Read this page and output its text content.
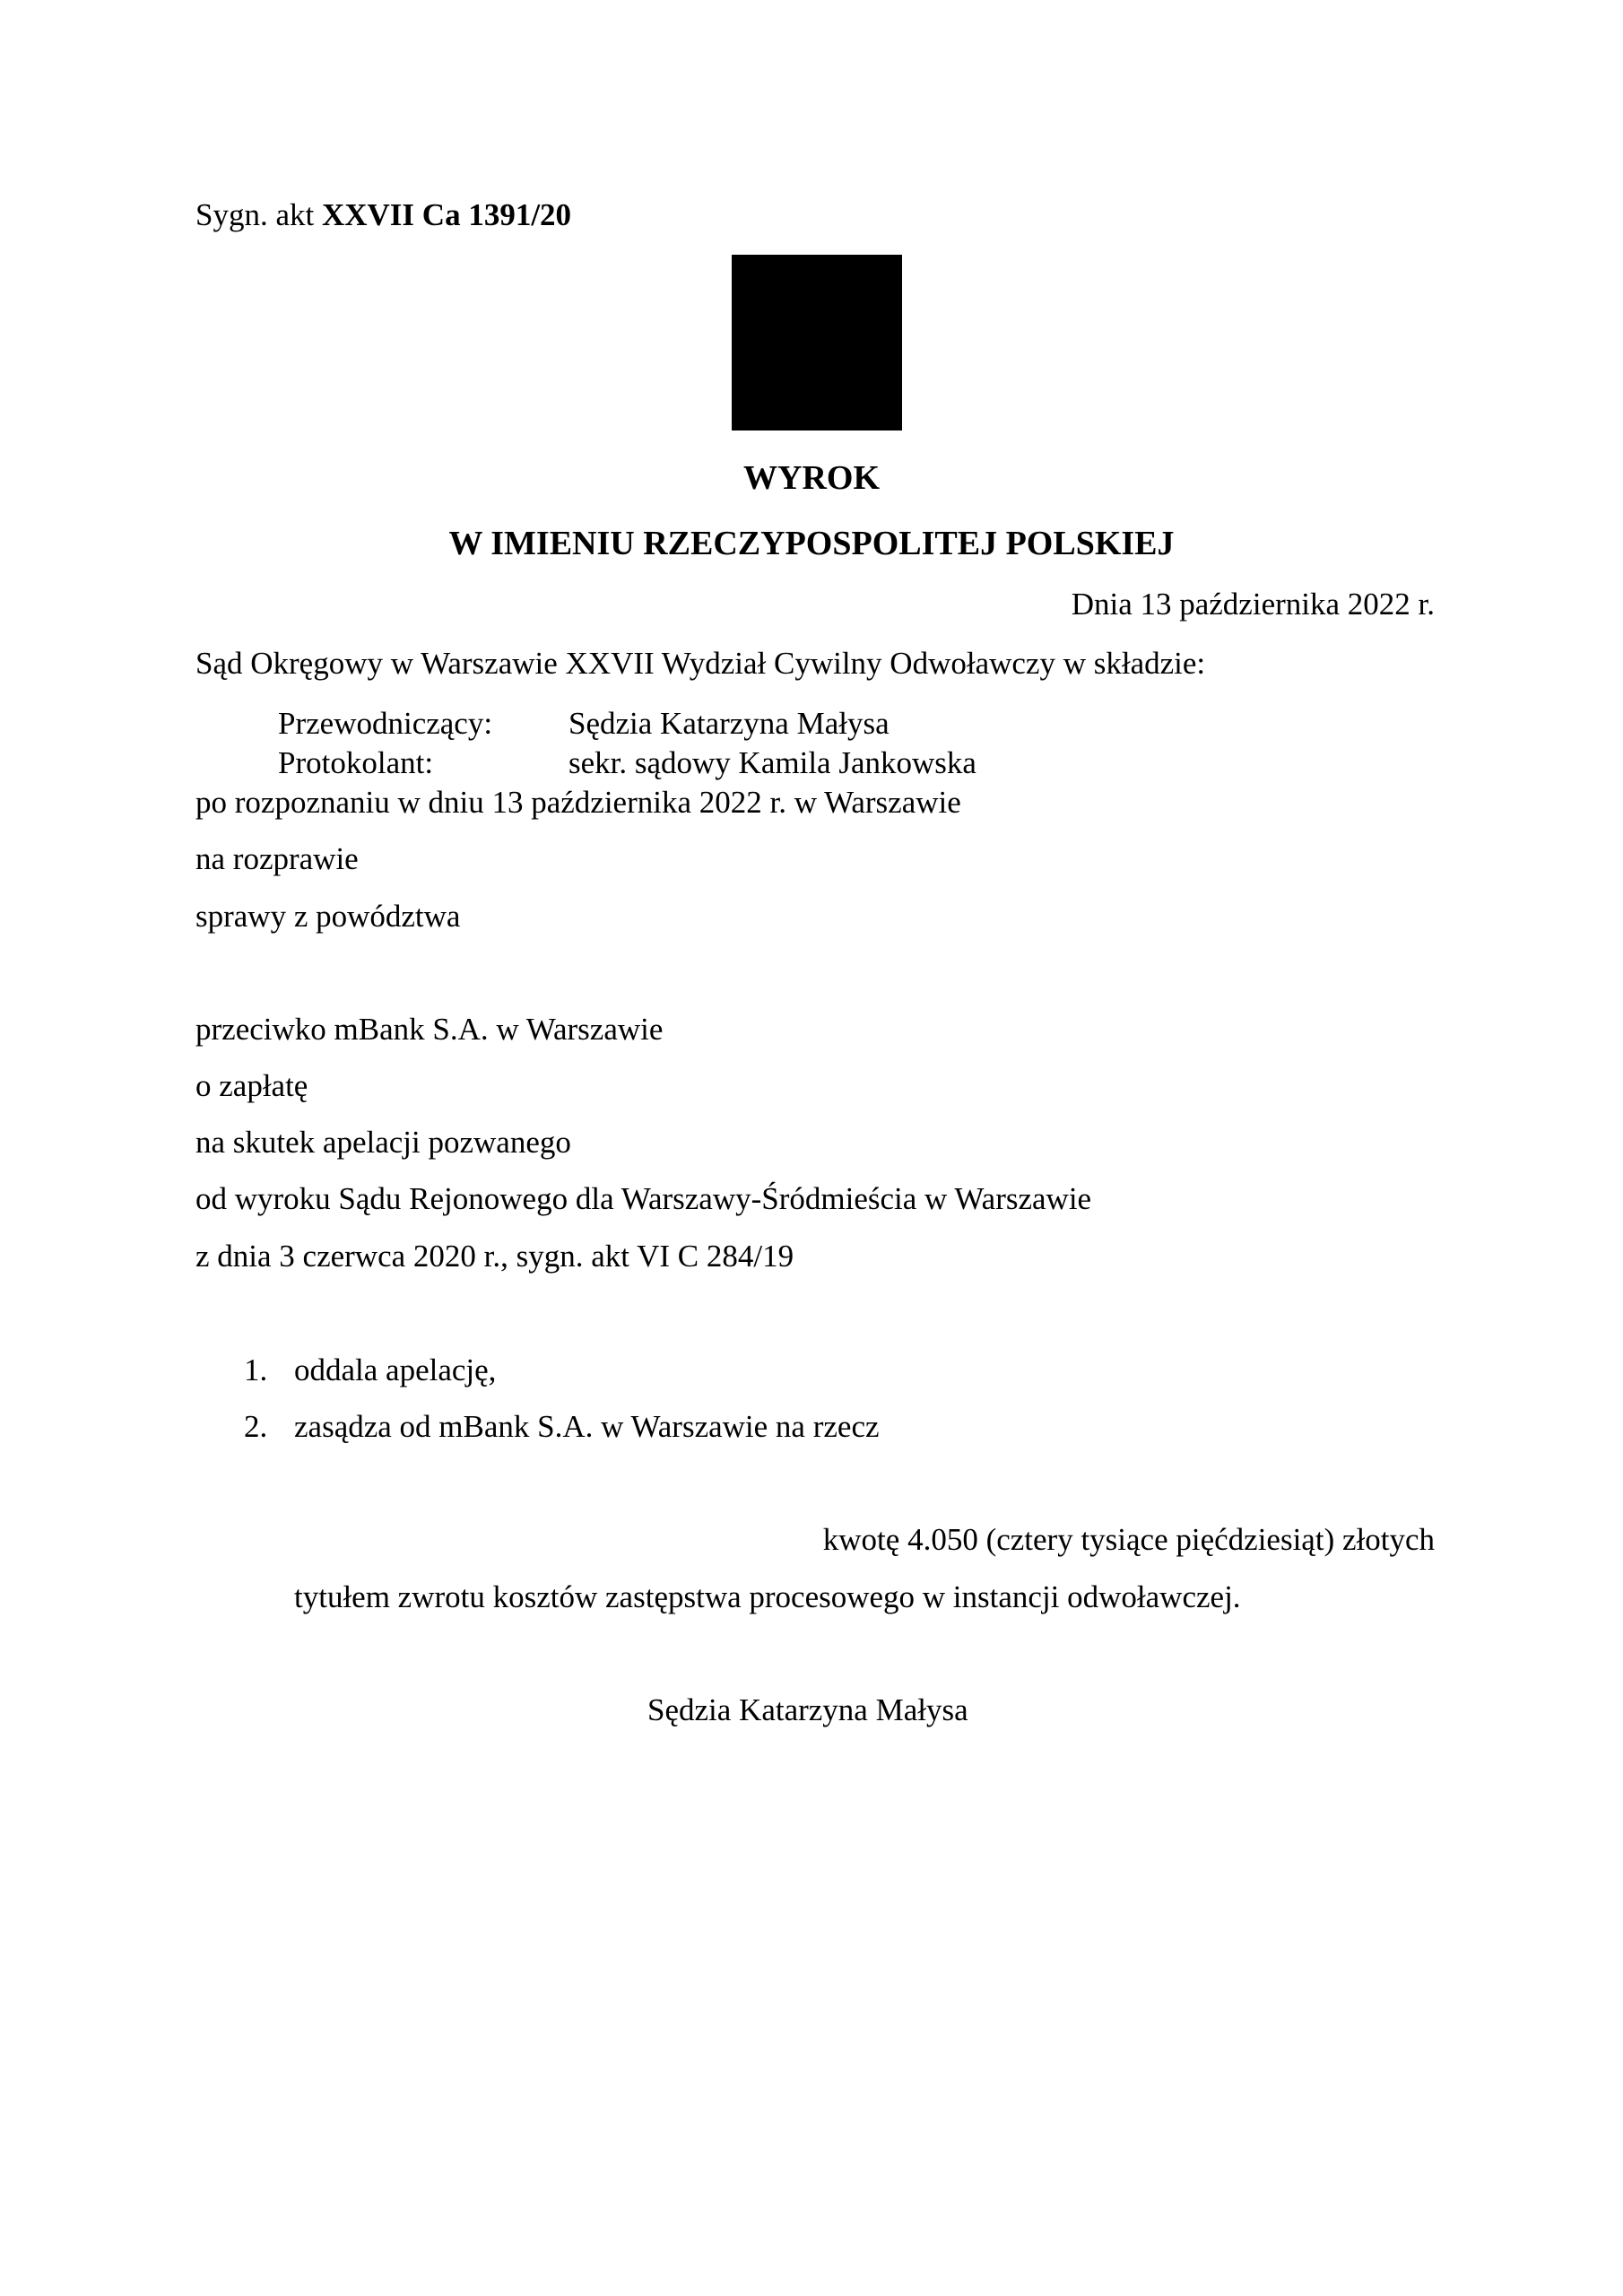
Sygn. akt XXVII Ca 1391/20
WYROK
W IMIENIU RZECZYPOSPOLITEJ POLSKIEJ
Dnia 13 października 2022 r.
Sąd Okręgowy w Warszawie XXVII Wydział Cywilny Odwoławczy w składzie:
Przewodniczący: Sędzia Katarzyna Małysa
Protokolant:	sekr. sądowy Kamila Jankowska
po rozpoznaniu w dniu 13 października 2022 r. w Warszawie
na rozprawie
sprawy z powództwa
przeciwko mBank S.A. w Warszawie
o zapłatę
na skutek apelacji pozwanego
od wyroku Sądu Rejonowego dla Warszawy-Śródmieścia w Warszawie
z dnia 3 czerwca 2020 r., sygn. akt VI C 284/19
1. oddala apelację,
2. zasądza od mBank S.A. w Warszawie na rzecz
kwotę 4.050 (cztery tysiące pięćdziesiąt) złotych
tytułem zwrotu kosztów zastępstwa procesowego w instancji odwoławczej.
Sędzia Katarzyna Małysa
